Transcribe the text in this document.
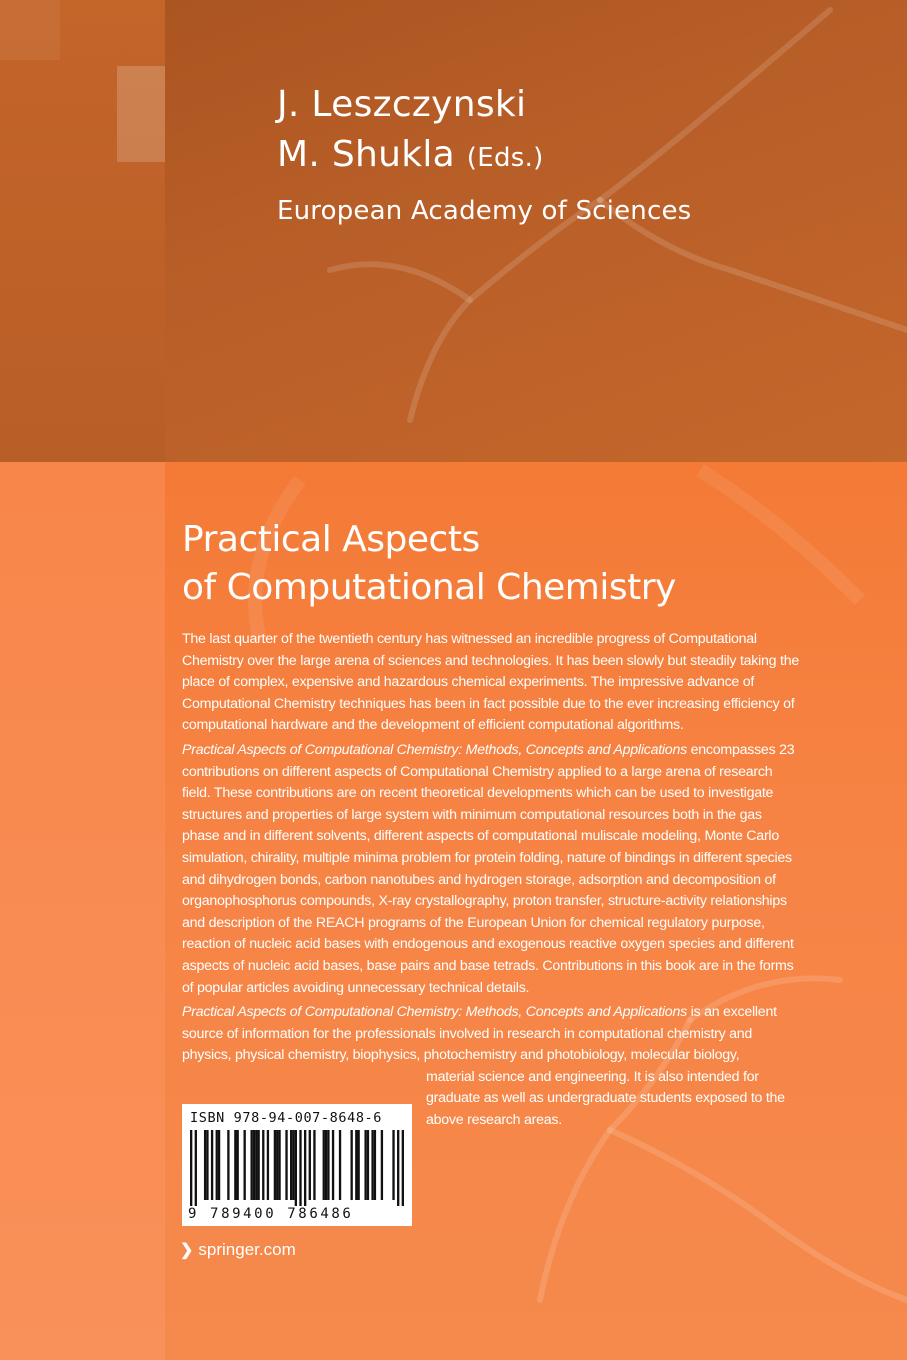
J. Leszczynski
M. Shukla (Eds.)
European Academy of Sciences
Practical Aspects
of Computational Chemistry

The last quarter of the twentieth century has witnessed an incredible progress of Computational Chemistry over the large arena of sciences and technologies. It has been slowly but steadily taking the place of complex, expensive and hazardous chemical experiments. The impressive advance of Computational Chemistry techniques has been in fact possible due to the ever increasing efficiency of computational hardware and the development of efficient computational algorithms.

Practical Aspects of Computational Chemistry: Methods, Concepts and Applications encompasses 23 contributions on different aspects of Computational Chemistry applied to a large arena of research field. These contributions are on recent theoretical developments which can be used to investigate structures and properties of large system with minimum computational resources both in the gas phase and in different solvents, different aspects of computational muliscale modeling, Monte Carlo simulation, chirality, multiple minima problem for protein folding, nature of bindings in different species and dihydrogen bonds, carbon nanotubes and hydrogen storage, adsorption and decomposition of organophosphorus compounds, X-ray crystallography, proton transfer, structure-activity relationships and description of the REACH programs of the European Union for chemical regulatory purpose, reaction of nucleic acid bases with endogenous and exogenous reactive oxygen species and different aspects of nucleic acid bases, base pairs and base tetrads. Contributions in this book are in the forms of popular articles avoiding unnecessary technical details.

Practical Aspects of Computational Chemistry: Methods, Concepts and Applications is an excellent source of information for the professionals involved in research in computational chemistry and physics, physical chemistry, biophysics, photochemistry and photobiology, molecular biology,

material science and engineering. It is also intended for graduate as well as undergraduate students exposed to the above research areas.

ISBN 978-94-007-8648-6
9 789400 786486
❯ springer.com
